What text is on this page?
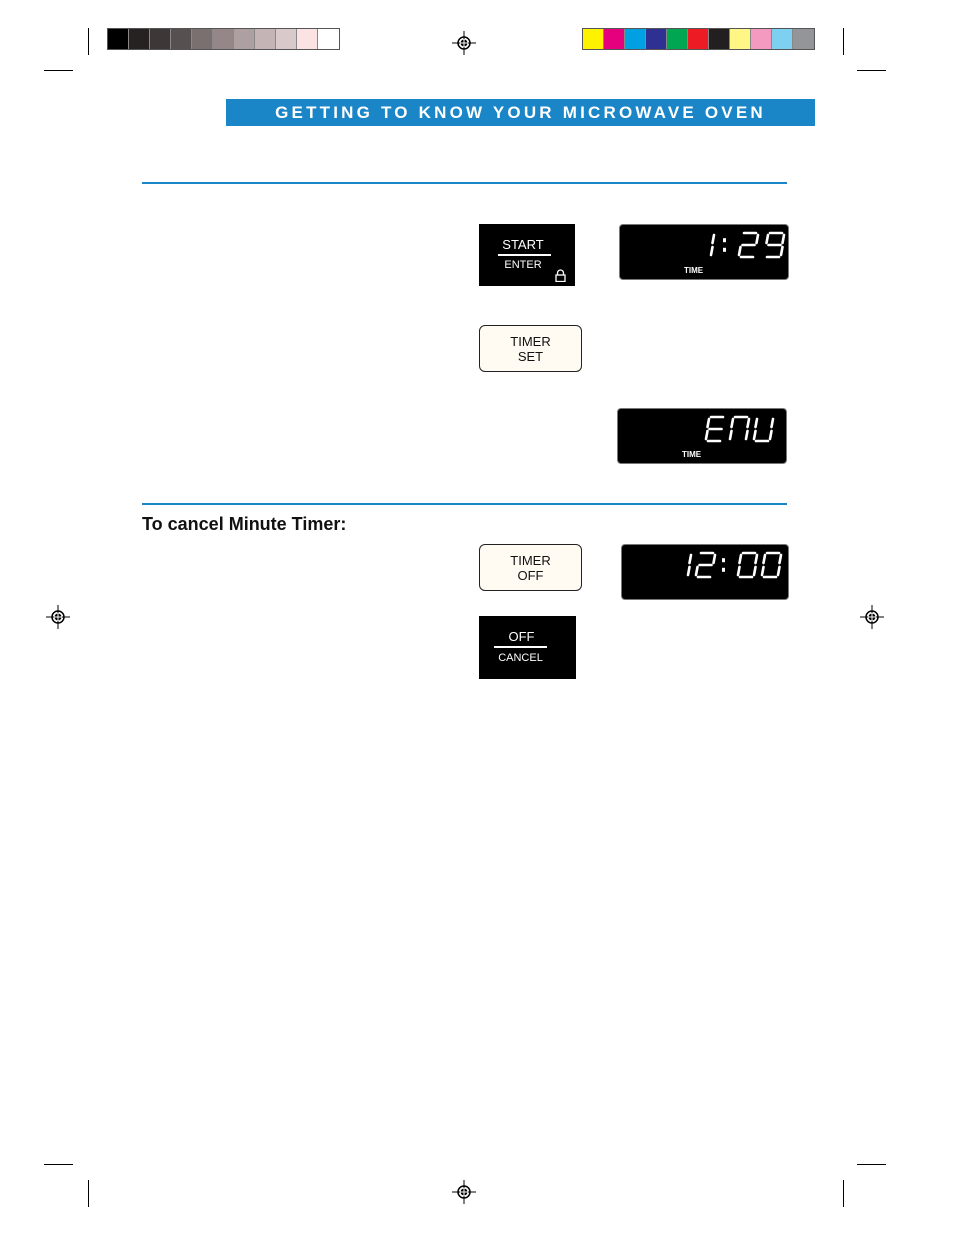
GETTING TO KNOW YOUR MICROWAVE OVEN
START
ENTER	TIME
TIMER
SET
TIME
To cancel Minute Timer:
TIMER
OFF
OFF
CANCEL
